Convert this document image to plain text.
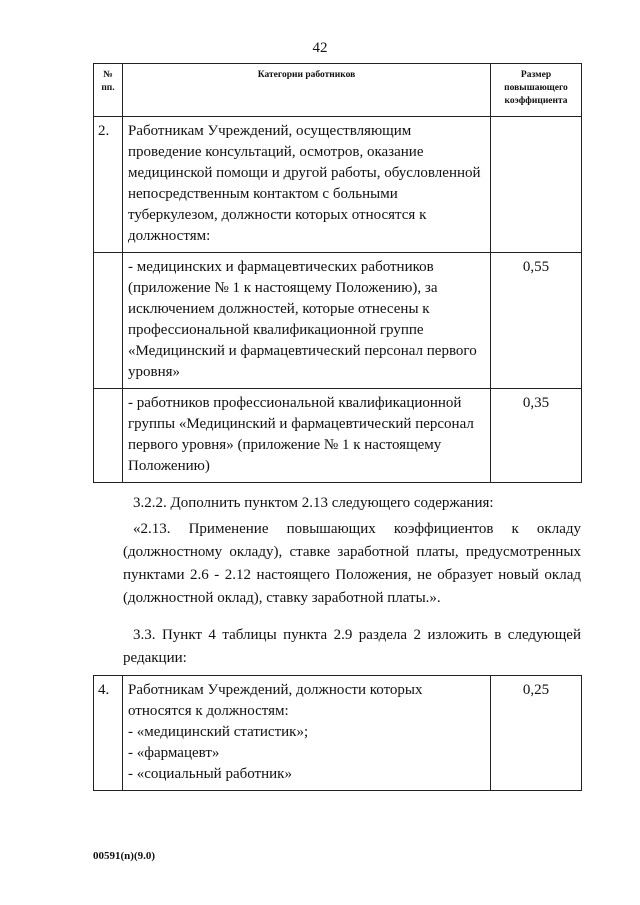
42
№
пп.	Категории работников	Размер
повышающего
коэффициента
2.	Работникам Учреждений, осуществляющим проведение консультаций, осмотров, оказание медицинской помощи и другой работы, обусловленной непосредственным контактом с больными туберкулезом, должности которых относятся к должностям:	
	- медицинских и фармацевтических работников (приложение № 1 к настоящему Положению), за исключением должностей, которые отнесены к профессиональной квалификационной группе «Медицинский и фармацевтический персонал первого уровня»	0,55
	- работников профессиональной квалификационной группы «Медицинский и фармацевтический персонал первого уровня» (приложение № 1 к настоящему Положению)	0,35

3.2.2. Дополнить пунктом 2.13 следующего содержания:

«2.13. Применение повышающих коэффициентов к окладу (должностному окладу), ставке заработной платы, предусмотренных пунктами 2.6 - 2.12 настоящего Положения, не образует новый оклад (должностной оклад), ставку заработной платы.».

3.3. Пункт 4 таблицы пункта 2.9 раздела 2 изложить в следующей редакции:

4.	Работникам Учреждений, должности которых относятся к должностям:
- «медицинский статистик»;
- «фармацевт»
- «социальный работник»	0,25
00591(n)(9.0)
